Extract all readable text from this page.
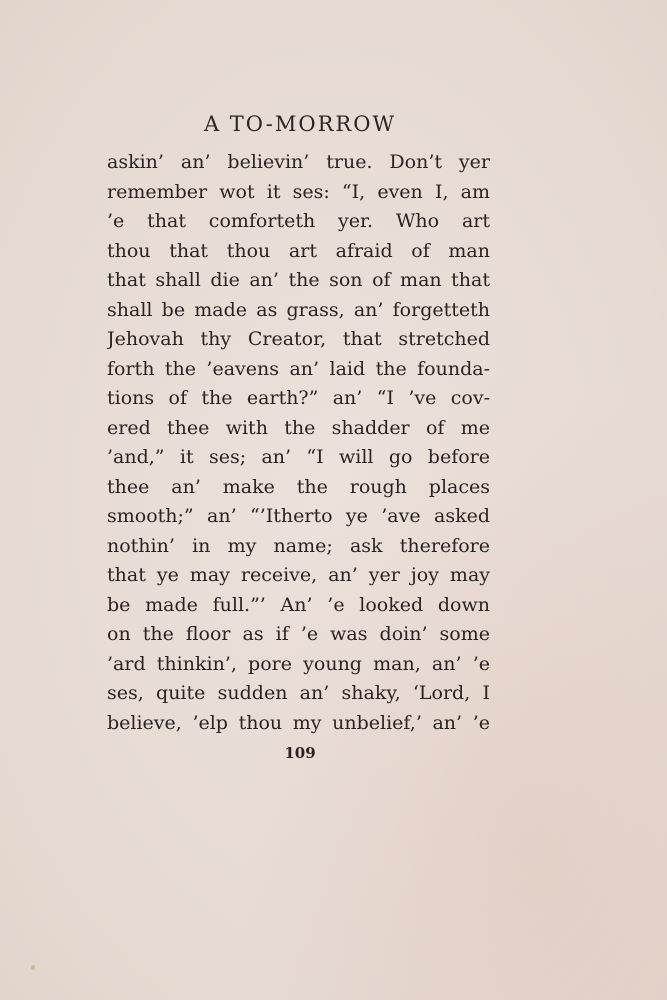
A TO-MORROW
askin’ an’ believin’ true. Don’t yer
remember wot it ses: “I, even I, am
’e that comforteth yer. Who art
thou that thou art afraid of man
that shall die an’ the son of man that
shall be made as grass, an’ forgetteth
Jehovah thy Creator, that stretched
forth the ’eavens an’ laid the founda-
tions of the earth?” an’ “I ’ve cov-
ered thee with the shadder of me
’and,” it ses; an’ “I will go before
thee an’ make the rough places
smooth;” an’ “’Itherto ye ’ave asked
nothin’ in my name; ask therefore
that ye may receive, an’ yer joy may
be made full.”’ An’ ’e looked down
on the floor as if ’e was doin’ some
’ard thinkin’, pore young man, an’ ’e
ses, quite sudden an’ shaky, ‘Lord, I
believe, ’elp thou my unbelief,’ an’ ’e
109
